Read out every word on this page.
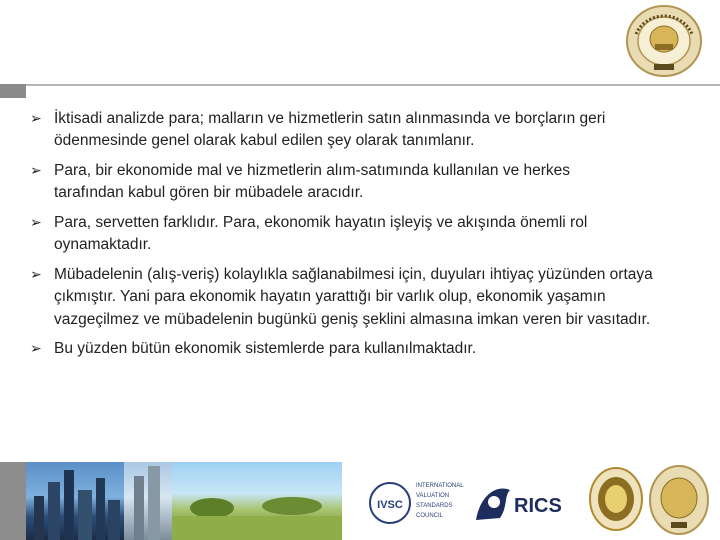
➢ İktisadi analizde para; malların ve hizmetlerin satın alınmasında ve borçların geri
ödenmesinde genel olarak kabul edilen şey olarak tanımlanır.
➢ Para, bir ekonomide mal ve hizmetlerin alım-satımında kullanılan ve herkes
tarafından kabul gören bir mübadele aracıdır.
➢ Para, servetten farklıdır. Para, ekonomik hayatın işleyiş ve akışında önemli rol
oynamaktadır.
➢ Mübadelenin (alış-veriş) kolaylıkla sağlanabilmesi için, duyuları ihtiyaç yüzünden ortaya
çıkmıştır. Yani para ekonomik hayatın yarattığı bir varlık olup, ekonomik yaşamın
vazgeçilmez ve mübadelenin bugünkü geniş şeklini almasına imkan veren bir vasıtadır.
➢ Bu yüzden bütün ekonomik sistemlerde para kullanılmaktadır.
IVSC
INTERNATIONAL
VALUATION
STANDARDS
COUNCIL	RICS
